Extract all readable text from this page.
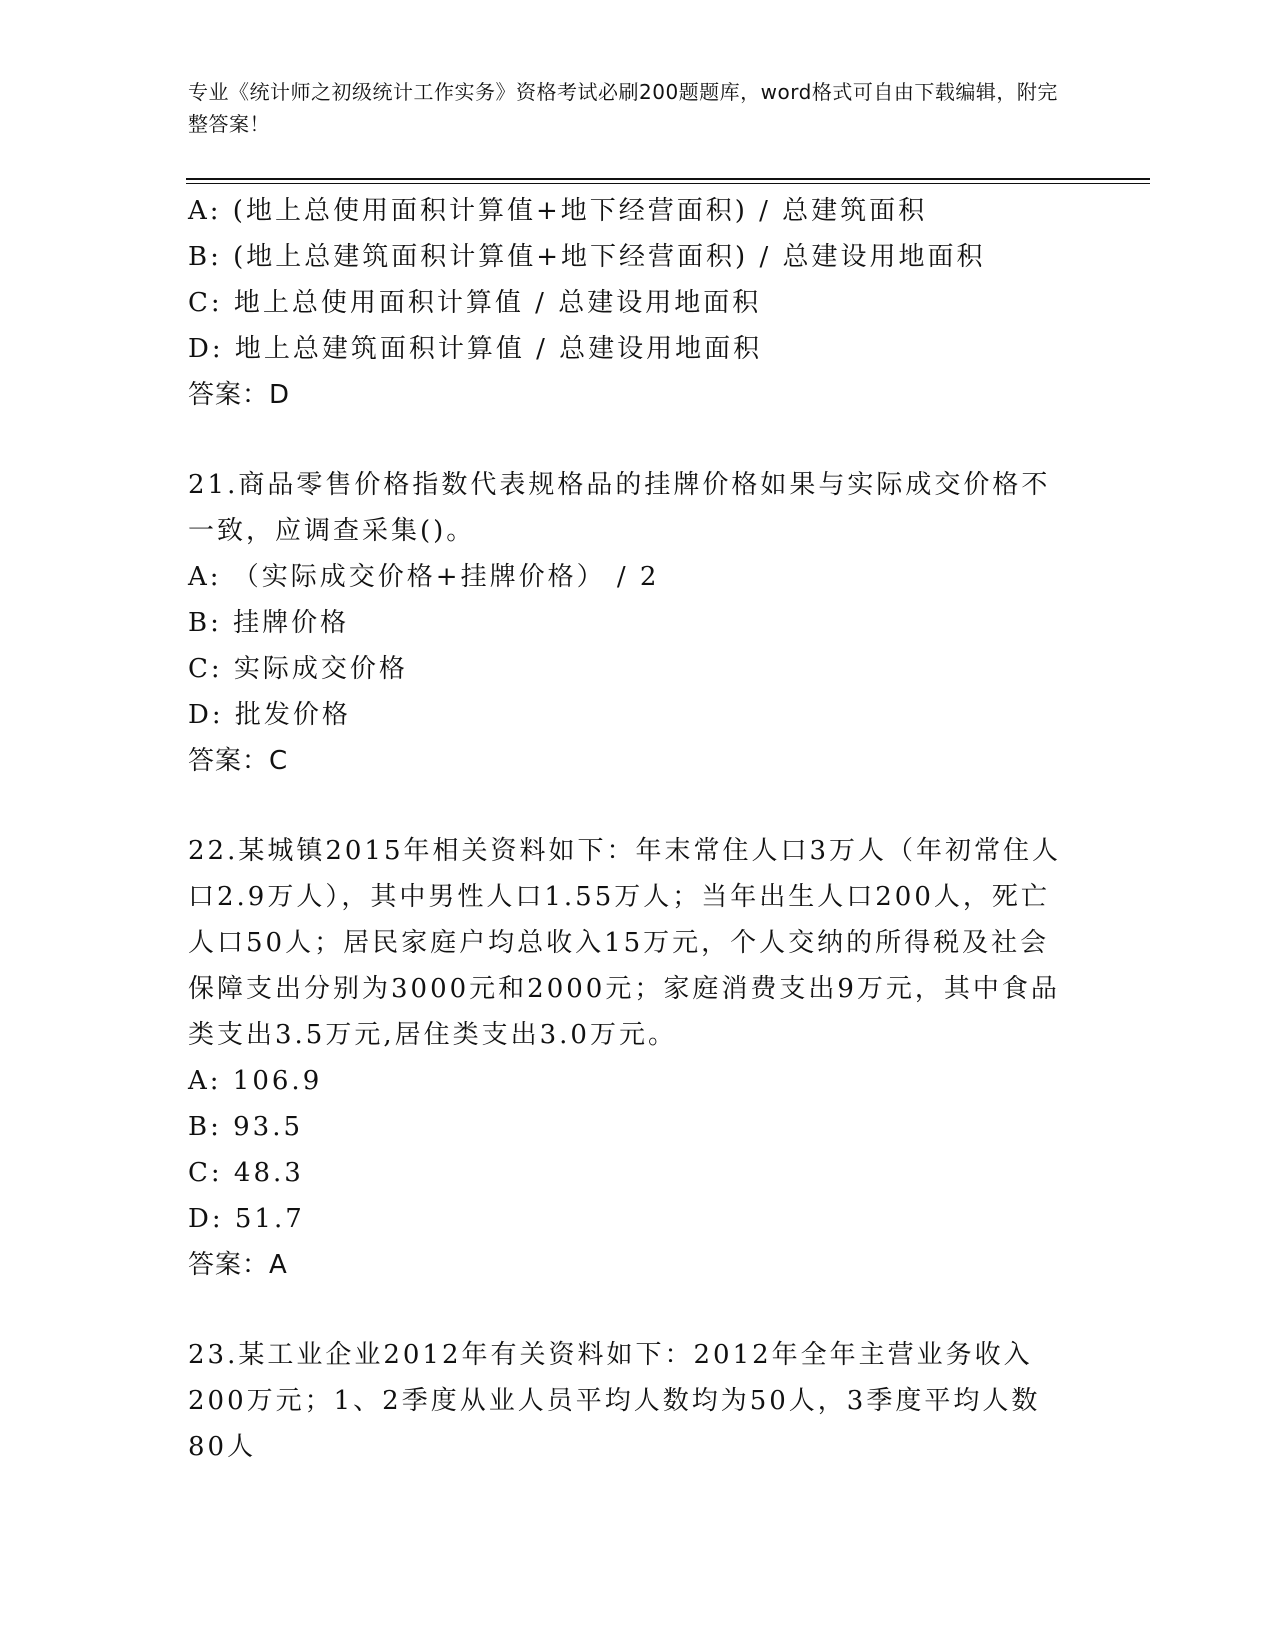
专业《统计师之初级统计工作实务》资格考试必刷200题题库，word格式可自由下载编辑，附完整答案！
A: (地上总使用面积计算值+地下经营面积) / 总建筑面积
B: (地上总建筑面积计算值+地下经营面积) / 总建设用地面积
C: 地上总使用面积计算值 / 总建设用地面积
D: 地上总建筑面积计算值 / 总建设用地面积
答案：D
21.商品零售价格指数代表规格品的挂牌价格如果与实际成交价格不一致，应调查采集()。
A: （实际成交价格+挂牌价格） / 2
B: 挂牌价格
C: 实际成交价格
D: 批发价格
答案：C
22.某城镇2015年相关资料如下：年末常住人口3万人（年初常住人口2.9万人），其中男性人口1.55万人；当年出生人口200人，死亡人口50人；居民家庭户均总收入15万元，个人交纳的所得税及社会保障支出分别为3000元和2000元；家庭消费支出9万元，其中食品类支出3.5万元,居住类支出3.0万元。
A: 106.9
B: 93.5
C: 48.3
D: 51.7
答案：A
23.某工业企业2012年有关资料如下：2012年全年主营业务收入200万元；1、2季度从业人员平均人数均为50人，3季度平均人数80人
